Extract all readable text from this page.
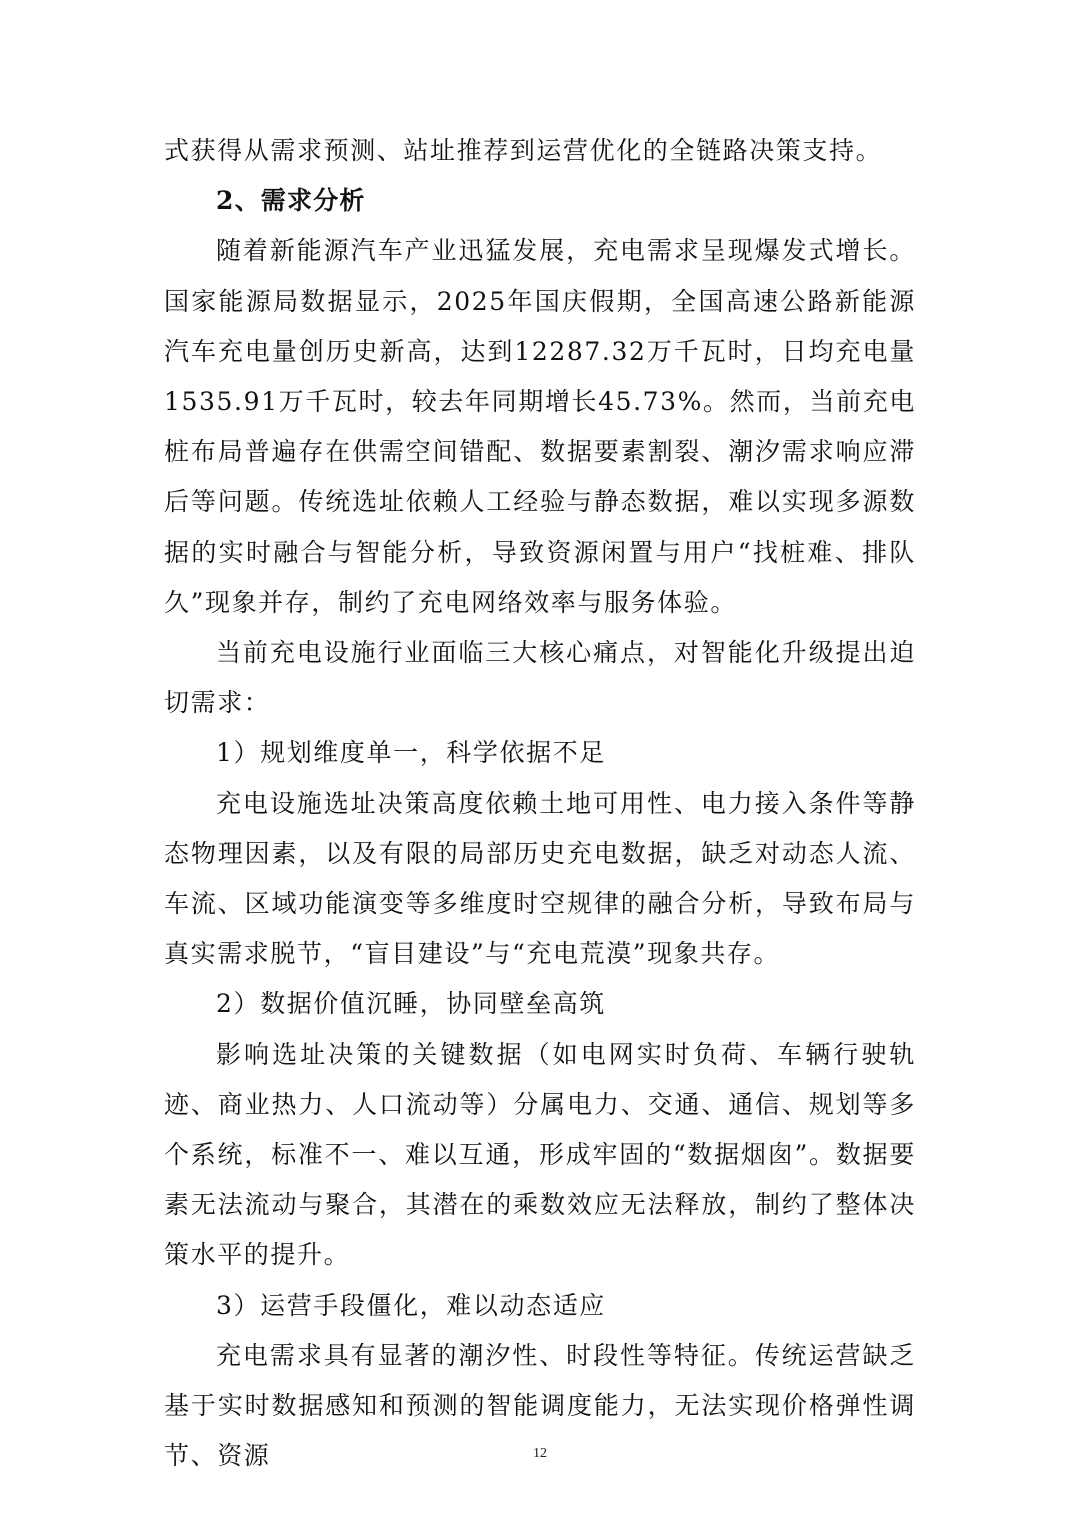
式获得从需求预测、站址推荐到运营优化的全链路决策支持。

2、需求分析

随着新能源汽车产业迅猛发展，充电需求呈现爆发式增长。国家能源局数据显示，2025年国庆假期，全国高速公路新能源汽车充电量创历史新高，达到12287.32万千瓦时，日均充电量1535.91万千瓦时，较去年同期增长45.73%。然而，当前充电桩布局普遍存在供需空间错配、数据要素割裂、潮汐需求响应滞后等问题。传统选址依赖人工经验与静态数据，难以实现多源数据的实时融合与智能分析，导致资源闲置与用户“找桩难、排队久”现象并存，制约了充电网络效率与服务体验。

当前充电设施行业面临三大核心痛点，对智能化升级提出迫切需求：

1）规划维度单一，科学依据不足

充电设施选址决策高度依赖土地可用性、电力接入条件等静态物理因素，以及有限的局部历史充电数据，缺乏对动态人流、车流、区域功能演变等多维度时空规律的融合分析，导致布局与真实需求脱节，“盲目建设”与“充电荒漠”现象共存。

2）数据价值沉睡，协同壁垒高筑

影响选址决策的关键数据（如电网实时负荷、车辆行驶轨迹、商业热力、人口流动等）分属电力、交通、通信、规划等多个系统，标准不一、难以互通，形成牢固的“数据烟囱”。数据要素无法流动与聚合，其潜在的乘数效应无法释放，制约了整体决策水平的提升。

3）运营手段僵化，难以动态适应

充电需求具有显著的潮汐性、时段性等特征。传统运营缺乏基于实时数据感知和预测的智能调度能力，无法实现价格弹性调节、资源	12
